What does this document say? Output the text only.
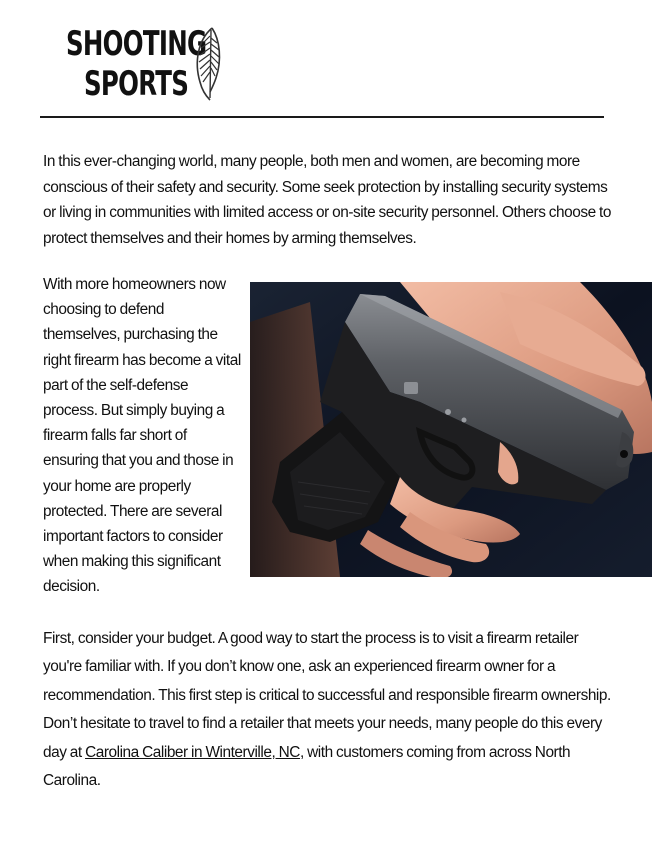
SHOOTING
SPORTS

In this ever-changing world, many people, both men and women, are becoming more conscious of their safety and security. Some seek protection by installing security systems or living in communities with limited access or on-site security personnel. Others choose to protect themselves and their homes by arming themselves.

With more homeowners now choosing to defend themselves, purchasing the right firearm has become a vital part of the self-defense process. But simply buying a firearm falls far short of ensuring that you and those in your home are properly protected. There are several important factors to consider when making this significant decision.

First, consider your budget. A good way to start the process is to visit a firearm retailer you're familiar with. If you don’t know one, ask an experienced firearm owner for a recommendation. This first step is critical to successful and responsible firearm ownership. Don’t hesitate to travel to find a retailer that meets your needs, many people do this every day at Carolina Caliber in Winterville, NC, with customers coming from across North Carolina.
